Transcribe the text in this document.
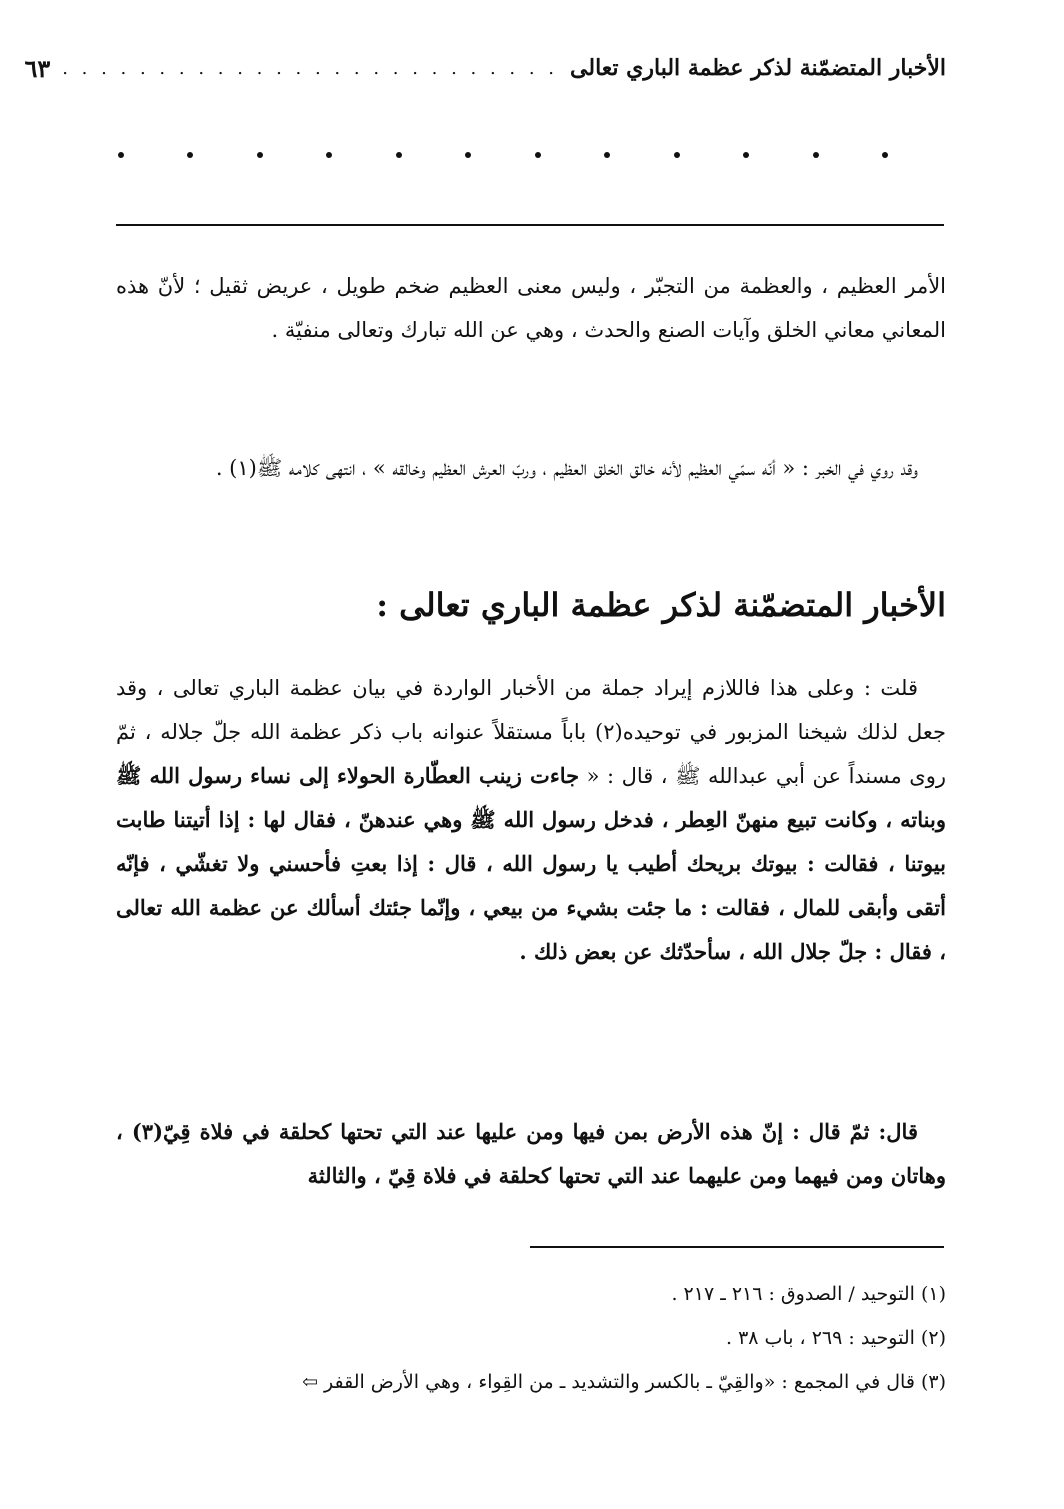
الأخبار المتضمّنة لذكر عظمة الباري تعالى
. . . . . . . . . . . . . . . . . . . . . . . . . .
٦٣

الأمر العظيم ، والعظمة من التجبّر ، وليس معنى العظيم ضخم طويل ، عريض ثقيل ؛ لأنّ هذه المعاني معاني الخلق وآيات الصنع والحدث ، وهي عن الله تبارك وتعالى منفيّة .

وقد روي في الخبر : « أنّه سمّي العظيم لأنه خالق الخلق العظيم ، وربّ العرش العظيم وخالقه » ، انتهى كلامه ﷺ(١) .

الأخبار المتضمّنة لذكر عظمة الباري تعالى :

قلت : وعلى هذا فاللازم إيراد جملة من الأخبار الواردة في بيان عظمة الباري تعالى ، وقد جعل لذلك شيخنا المزبور في توحيده(٢) باباً مستقلاً عنوانه باب ذكر عظمة الله جلّ جلاله ، ثمّ روى مسنداً عن أبي عبدالله ﷺ ، قال : « جاءت زينب العطّارة الحولاء إلى نساء رسول الله ﷺ وبناته ، وكانت تبيع منهنّ العِطر ، فدخل رسول الله ﷺ وهي عندهنّ ، فقال لها : إذا أتيتنا طابت بيوتنا ، فقالت : بيوتك بريحك أطيب يا رسول الله ، قال : إذا بعتِ فأحسني ولا تغشّي ، فإنّه أتقى وأبقى للمال ، فقالت : ما جئت بشيء من بيعي ، وإنّما جئتك أسألك عن عظمة الله تعالى ، فقال : جلّ جلال الله ، سأحدّثك عن بعض ذلك .

قال: ثمّ قال : إنّ هذه الأرض بمن فيها ومن عليها عند التي تحتها كحلقة في فلاة قِيّ(٣) ، وهاتان ومن فيهما ومن عليهما عند التي تحتها كحلقة في فلاة قِيّ ، والثالثة

(١) التوحيد / الصدوق : ٢١٦ ـ ٢١٧ .
(٢) التوحيد : ٢٦٩ ، باب ٣٨ .
(٣) قال في المجمع : «والقِيّ ـ بالكسر والتشديد ـ من القِواء ، وهي الأرض القفر ⇦
